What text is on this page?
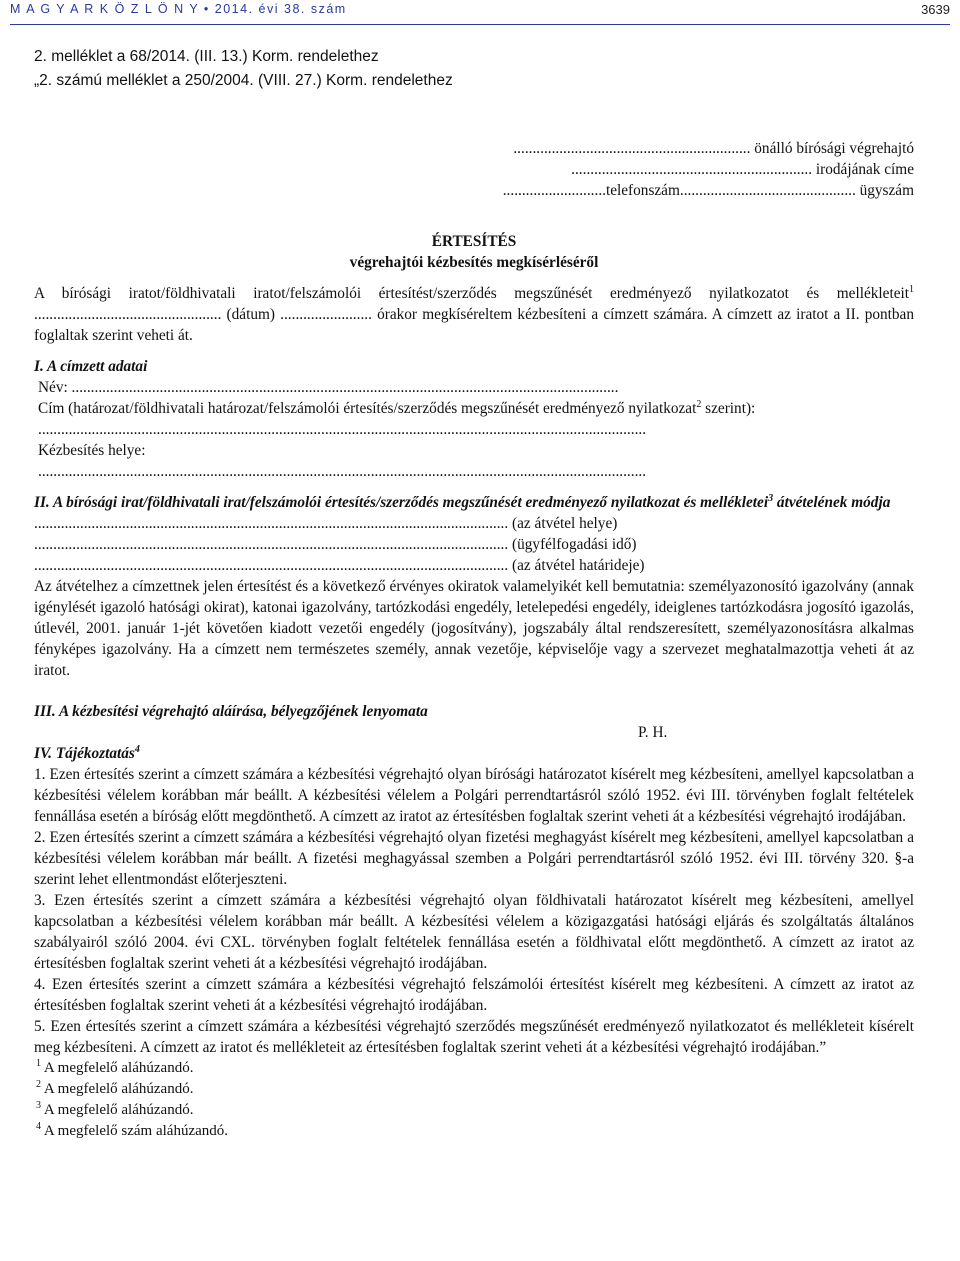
M A G Y A R K Ö Z L Ö N Y • 2014. évi 38. szám	3639
2. melléklet a 68/2014. (III. 13.) Korm. rendelethez
„2. számú melléklet a 250/2004. (VIII. 27.) Korm. rendelethez
.............................................................. önálló bírósági végrehajtó
............................................................... irodájának címe
...........................telefonszám.............................................. ügyszám
ÉRTESÍTÉS
végrehajtói kézbesítés megkísérléséről
A bírósági iratot/földhivatali iratot/felszámolói értesítést/szerződés megszűnését eredményező nyilatkozatot és mellékleteit$^1$ ................................................. (dátum) ........................ órakor megkíséreltem kézbesíteni a címzett számára. A címzett az iratot a II. pontban foglaltak szerint veheti át.
I. A címzett adatai
Név: ...............................................................................................................................................
Cím (határozat/földhivatali határozat/felszámolói értesítés/szerződés megszűnését eredményező nyilatkozat$^2$ szerint):
...............................................................................................................................................................
Kézbesítés helye:
...............................................................................................................................................................
II. A bírósági irat/földhivatali irat/felszámolói értesítés/szerződés megszűnését eredményező nyilatkozat és mellékletei$^3$ átvételének módja
............................................................................................................................ (az átvétel helye)
............................................................................................................................ (ügyfélfogadási idő)
............................................................................................................................ (az átvétel határideje)
Az átvételhez a címzettnek jelen értesítést és a következő érvényes okiratok valamelyikét kell bemutatnia: személyazonosító igazolvány (annak igénylését igazoló hatósági okirat), katonai igazolvány, tartózkodási engedély, letelepedési engedély, ideiglenes tartózkodásra jogosító igazolás, útlevél, 2001. január 1-jét követően kiadott vezetői engedély (jogosítvány), jogszabály által rendszeresített, személyazonosításra alkalmas fényképes igazolvány. Ha a címzett nem természetes személy, annak vezetője, képviselője vagy a szervezet meghatalmazottja veheti át az iratot.
III. A kézbesítési végrehajtó aláírása, bélyegzőjének lenyomata
P. H.
IV. Tájékoztatás$^4$
1. Ezen értesítés szerint a címzett számára a kézbesítési végrehajtó olyan bírósági határozatot kísérelt meg kézbesíteni, amellyel kapcsolatban a kézbesítési vélelem korábban már beállt. A kézbesítési vélelem a Polgári perrendtartásról szóló 1952. évi III. törvényben foglalt feltételek fennállása esetén a bíróság előtt megdönthető. A címzett az iratot az értesítésben foglaltak szerint veheti át a kézbesítési végrehajtó irodájában.
2. Ezen értesítés szerint a címzett számára a kézbesítési végrehajtó olyan fizetési meghagyást kísérelt meg kézbesíteni, amellyel kapcsolatban a kézbesítési vélelem korábban már beállt. A fizetési meghagyással szemben a Polgári perrendtartásról szóló 1952. évi III. törvény 320. §-a szerint lehet ellentmondást előterjeszteni.
3. Ezen értesítés szerint a címzett számára a kézbesítési végrehajtó olyan földhivatali határozatot kísérelt meg kézbesíteni, amellyel kapcsolatban a kézbesítési vélelem korábban már beállt. A kézbesítési vélelem a közigazgatási hatósági eljárás és szolgáltatás általános szabályairól szóló 2004. évi CXL. törvényben foglalt feltételek fennállása esetén a földhivatal előtt megdönthető. A címzett az iratot az értesítésben foglaltak szerint veheti át a kézbesítési végrehajtó irodájában.
4. Ezen értesítés szerint a címzett számára a kézbesítési végrehajtó felszámolói értesítést kísérelt meg kézbesíteni. A címzett az iratot az értesítésben foglaltak szerint veheti át a kézbesítési végrehajtó irodájában.
5. Ezen értesítés szerint a címzett számára a kézbesítési végrehajtó szerződés megszűnését eredményező nyilatkozatot és mellékleteit kísérelt meg kézbesíteni. A címzett az iratot és mellékleteit az értesítésben foglaltak szerint veheti át a kézbesítési végrehajtó irodájában.”
$^1$ A megfelelő aláhúzandó.
$^2$ A megfelelő aláhúzandó.
$^3$ A megfelelő aláhúzandó.
$^4$ A megfelelő szám aláhúzandó.
